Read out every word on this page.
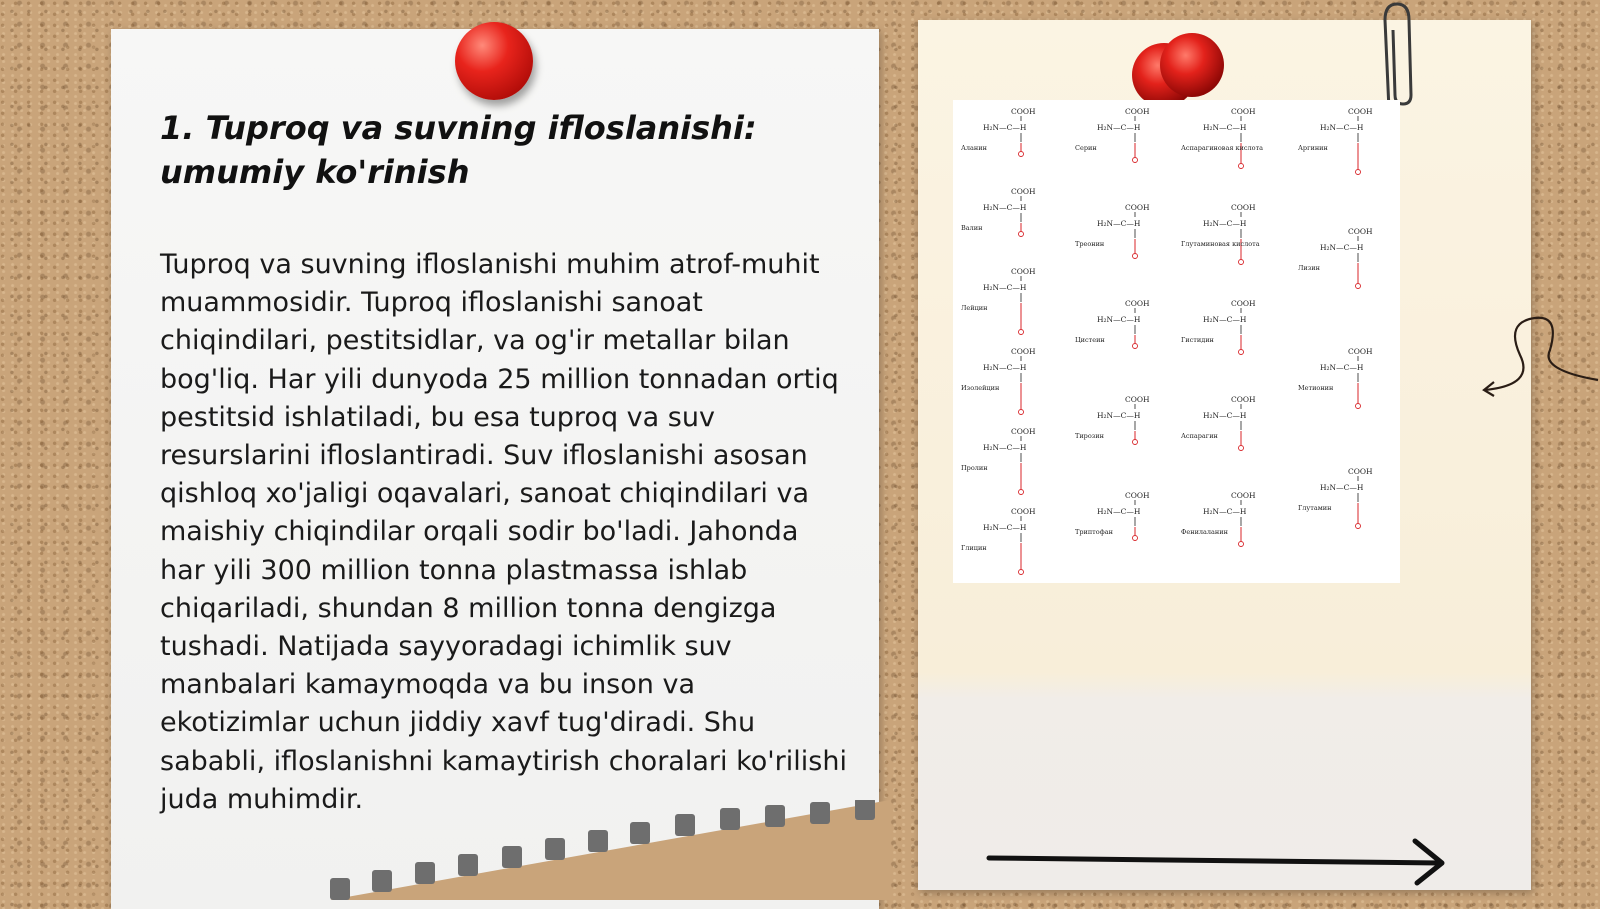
1. Tuproq va suvning ifloslanishi: umumiy ko'rinish

Tuproq va suvning ifloslanishi muhim atrof-muhit muammosidir. Tuproq ifloslanishi sanoat chiqindilari, pestitsidlar, va og'ir metallar bilan bog'liq. Har yili dunyoda 25 million tonnadan ortiq pestitsid ishlatiladi, bu esa tuproq va suv resurslarini ifloslantiradi. Suv ifloslanishi asosan qishloq xo'jaligi oqavalari, sanoat chiqindilari va maishiy chiqindilar orqali sodir bo'ladi. Jahonda har yili 300 million tonna plastmassa ishlab chiqariladi, shundan 8 million tonna dengizga tushadi. Natijada sayyoradagi ichimlik suv manbalari kamaymoqda va bu inson va ekotizimlar uchun jiddiy xavf tug'diradi. Shu sababli, ifloslanishni kamaytirish choralari ko'rilishi juda muhimdir.

COOH
H₂N—C—H
Аланин
COOH
H₂N—C—H
Валин
COOH
H₂N—C—H
Лейцин
COOH
H₂N—C—H
Изолейцин
COOH
H₂N—C—H
Пролин
COOH
H₂N—C—H
Глицин
COOH
H₂N—C—H
Серин
COOH
H₂N—C—H
Треонин
COOH
H₂N—C—H
Цистеин
COOH
H₂N—C—H
Тирозин
COOH
H₂N—C—H
Триптофан
COOH
H₂N—C—H
Аспарагиновая кислота
COOH
H₂N—C—H
Глутаминовая кислота
COOH
H₂N—C—H
Гистидин
COOH
H₂N—C—H
Аспарагин
COOH
H₂N—C—H
Фенилаланин
COOH
H₂N—C—H
Аргинин
COOH
H₂N—C—H
Лизин
COOH
H₂N—C—H
Метионин
COOH
H₂N—C—H
Глутамин
